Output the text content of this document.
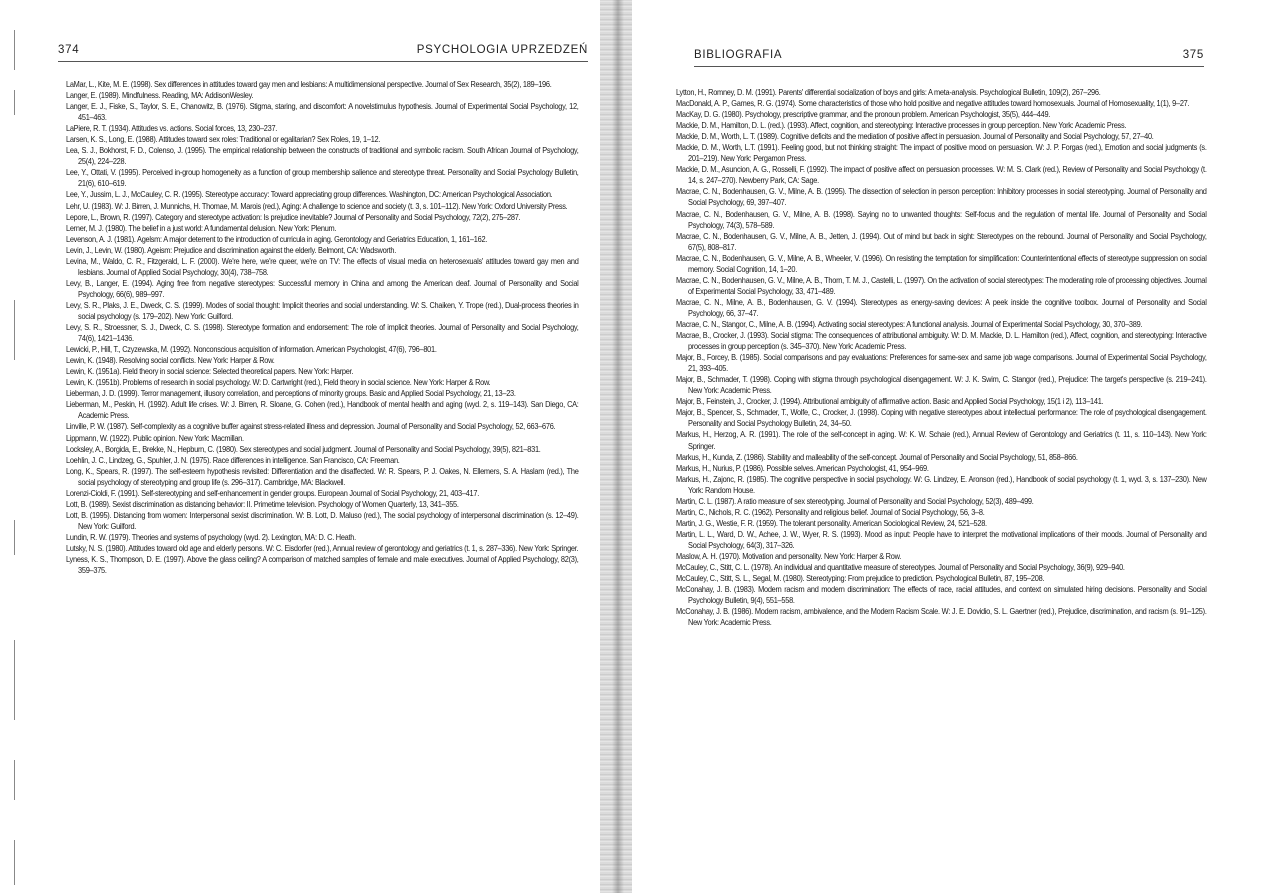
374	PSYCHOLOGIA UPRZEDZEŃ
LaMar, L., Kite, M. E. (1998). Sex differences in attitudes toward gay men and lesbians: A multidimensional perspective. Journal of Sex Research, 35(2), 189–196.
Langer, E. (1989). Mindfulness. Reading, MA: AddisonWesley.
Langer, E. J., Fiske, S., Taylor, S. E., Chanowitz, B. (1976). Stigma, staring, and discomfort: A novelstimulus hypothesis. Journal of Experimental Social Psychology, 12, 451–463.
LaPiere, R. T. (1934). Attitudes vs. actions. Social forces, 13, 230–237.
Larsen, K. S., Long, E. (1988). Attitudes toward sex roles: Traditional or egalitarian? Sex Roles, 19, 1–12.
Lea, S. J., Bokhorst, F. D., Colenso, J. (1995). The empirical relationship between the constructs of traditional and symbolic racism. South African Journal of Psychology, 25(4), 224–228.
Lee, Y., Ottati, V. (1995). Perceived in-group homogeneity as a function of group membership salience and stereotype threat. Personality and Social Psychology Bulletin, 21(6), 610–619.
Lee, Y., Jussim, L. J., McCauley, C. R. (1995). Stereotype accuracy: Toward appreciating group differences. Washington, DC: American Psychological Association.
Lehr, U. (1983). W: J. Birren, J. Munnichs, H. Thomae, M. Marois (red.), Aging: A challenge to science and society (t. 3, s. 101–112). New York: Oxford University Press.
Lepore, L., Brown, R. (1997). Category and stereotype activation: Is prejudice inevitable? Journal of Personality and Social Psychology, 72(2), 275–287.
Lerner, M. J. (1980). The belief in a just world: A fundamental delusion. New York: Plenum.
Levenson, A. J. (1981). Agelsm: A major deterrent to the introduction of curricula in aging. Gerontology and Geriatrics Education, 1, 161–162.
Levin, J., Levin, W. (1980). Ageism: Prejudice and discrimination against the elderly. Belmont, CA: Wadsworth.
Levina, M., Waldo, C. R., Fitzgerald, L. F. (2000). We're here, we're queer, we're on TV: The effects of visual media on heterosexuals' attitudes toward gay men and lesbians. Journal of Applied Social Psychology, 30(4), 738–758.
Levy, B., Langer, E. (1994). Aging free from negative stereotypes: Successful memory in China and among the American deaf. Journal of Personality and Social Psychology, 66(6), 989–997.
Levy, S. R., Plaks, J. E., Dweck, C. S. (1999). Modes of social thought: Implicit theories and social understanding. W: S. Chaiken, Y. Trope (red.), Dual-process theories in social psychology (s. 179–202). New York: Guilford.
Levy, S. R., Stroessner, S. J., Dweck, C. S. (1998). Stereotype formation and endorsement: The role of implicit theories. Journal of Personality and Social Psychology, 74(6), 1421–1436.
Lewicki, P., Hill, T., Czyzewska, M. (1992). Nonconscious acquisition of information. American Psychologist, 47(6), 796–801.
Lewin, K. (1948). Resolving social conflicts. New York: Harper & Row.
Lewin, K. (1951a). Field theory in social science: Selected theoretical papers. New York: Harper.
Lewin, K. (1951b). Problems of research in social psychology. W: D. Cartwright (red.), Field theory in social science. New York: Harper & Row.
Lieberman, J. D. (1999). Terror management, illusory correlation, and perceptions of minority groups. Basic and Applied Social Psychology, 21, 13–23.
Lieberman, M., Peskin, H. (1992). Adult life crises. W: J. Birren, R. Sloane, G. Cohen (red.), Handbook of mental health and aging (wyd. 2, s. 119–143). San Diego, CA: Academic Press.
Linville, P. W. (1987). Self-complexity as a cognitive buffer against stress-related illness and depression. Journal of Personality and Social Psychology, 52, 663–676.
Lippmann, W. (1922). Public opinion. New York: Macmillan.
Locksley, A., Borgida, E., Brekke, N., Hepburn, C. (1980). Sex stereotypes and social judgment. Journal of Personality and Social Psychology, 39(5), 821–831.
Loehlin, J. C., Lindzeg, G., Spuhler, J. N. (1975). Race differences in intelligence. San Francisco, CA: Freeman.
Long, K., Spears, R. (1997). The self-esteem hypothesis revisited: Differentiation and the disaffected. W: R. Spears, P. J. Oakes, N. Ellemers, S. A. Haslam (red.), The social psychology of stereotyping and group life (s. 296–317). Cambridge, MA: Blackwell.
Lorenzi-Cioldi, F. (1991). Self-stereotyping and self-enhancement in gender groups. European Journal of Social Psychology, 21, 403–417.
Lott, B. (1989). Sexist discrimination as distancing behavior: II. Primetime television. Psychology of Women Quarterly, 13, 341–355.
Lott, B. (1995). Distancing from women: Interpersonal sexist discrimination. W: B. Lott, D. Maluso (red.), The social psychology of interpersonal discrimination (s. 12–49). New York: Guilford.
Lundin, R. W. (1979). Theories and systems of psychology (wyd. 2). Lexington, MA: D. C. Heath.
Lutsky, N. S. (1980). Attitudes toward old age and elderly persons. W: C. Eisdorfer (red.), Annual review of gerontology and geriatrics (t. 1, s. 287–336). New York: Springer.
Lyness, K. S., Thompson, D. E. (1997). Above the glass ceiling? A comparison of matched samples of female and male executives. Journal of Applied Psychology, 82(3), 359–375.
BIBLIOGRAFIA	375
Lytton, H., Romney, D. M. (1991). Parents' differential socialization of boys and girls: A meta-analysis. Psychological Bulletin, 109(2), 267–296.
MacDonald, A. P., Games, R. G. (1974). Some characteristics of those who hold positive and negative attitudes toward homosexuals. Journal of Homosexuality, 1(1), 9–27.
MacKay, D. G. (1980). Psychology, prescriptive grammar, and the pronoun problem. American Psychologist, 35(5), 444–449.
Mackie, D. M., Hamilton, D. L. (red.). (1993). Affect, cognition, and stereotyping: Interactive processes in group perception. New York: Academic Press.
Mackie, D. M., Worth, L. T. (1989). Cognitive deficits and the mediation of positive affect in persuasion. Journal of Personality and Social Psychology, 57, 27–40.
Mackie, D. M., Worth, L.T. (1991). Feeling good, but not thinking straight: The impact of positive mood on persuasion. W: J. P. Forgas (red.), Emotion and social judgments (s. 201–219). New York: Pergamon Press.
Mackie, D. M., Asuncion, A. G., Rosselli, F. (1992). The impact of positive affect on persuasion processes. W: M. S. Clark (red.), Review of Personality and Social Psychology (t. 14, s. 247–270). Newberry Park, CA: Sage.
Macrae, C. N., Bodenhausen, G. V., Milne, A. B. (1995). The dissection of selection in person perception: Inhibitory processes in social stereotyping. Journal of Personality and Social Psychology, 69, 397–407.
Macrae, C. N., Bodenhausen, G. V., Milne, A. B. (1998). Saying no to unwanted thoughts: Self-focus and the regulation of mental life. Journal of Personality and Social Psychology, 74(3), 578–589.
Macrae, C. N., Bodenhausen, G. V., Milne, A. B., Jetten, J. (1994). Out of mind but back in sight: Stereotypes on the rebound. Journal of Personality and Social Psychology, 67(5), 808–817.
Macrae, C. N., Bodenhausen, G. V., Milne, A. B., Wheeler, V. (1996). On resisting the temptation for simplification: Counterintentional effects of stereotype suppression on social memory. Social Cognition, 14, 1–20.
Macrae, C. N., Bodenhausen, G. V., Milne, A. B., Thorn, T. M. J., Castelli, L. (1997). On the activation of social stereotypes: The moderating role of processing objectives. Journal of Experimental Social Psychology, 33, 471–489.
Macrae, C. N., Milne, A. B., Bodenhausen, G. V. (1994). Stereotypes as energy-saving devices: A peek inside the cognitive toolbox. Journal of Personality and Social Psychology, 66, 37–47.
Macrae, C. N., Stangor, C., Milne, A. B. (1994). Activating social stereotypes: A functional analysis. Journal of Experimental Social Psychology, 30, 370–389.
Macrae, B., Crocker, J. (1993). Social stigma: The consequences of attributional ambiguity. W: D. M. Mackie, D. L. Hamilton (red.), Affect, cognition, and stereotyping: Interactive processes in group perception (s. 345–370). New York: Academic Press.
Major, B., Forcey, B. (1985). Social comparisons and pay evaluations: Preferences for same-sex and same job wage comparisons. Journal of Experimental Social Psychology, 21, 393–405.
Major, B., Schmader, T. (1998). Coping with stigma through psychological disengagement. W: J. K. Swim, C. Stangor (red.), Prejudice: The target's perspective (s. 219–241). New York: Academic Press.
Major, B., Feinstein, J., Crocker, J. (1994). Attributional ambiguity of affirmative action. Basic and Applied Social Psychology, 15(1 i 2), 113–141.
Major, B., Spencer, S., Schmader, T., Wolfe, C., Crocker, J. (1998). Coping with negative stereotypes about intellectual performance: The role of psychological disengagement. Personality and Social Psychology Bulletin, 24, 34–50.
Markus, H., Herzog, A. R. (1991). The role of the self-concept in aging. W: K. W. Schaie (red.), Annual Review of Gerontology and Geriatrics (t. 11, s. 110–143). New York: Springer.
Markus, H., Kunda, Z. (1986). Stability and malleability of the self-concept. Journal of Personality and Social Psychology, 51, 858–866.
Markus, H., Nurius, P. (1986). Possible selves. American Psychologist, 41, 954–969.
Markus, H., Zajonc, R. (1985). The cognitive perspective in social psychology. W: G. Lindzey, E. Aronson (red.), Handbook of social psychology (t. 1, wyd. 3, s. 137–230). New York: Random House.
Martin, C. L. (1987). A ratio measure of sex stereotyping. Journal of Personality and Social Psychology, 52(3), 489–499.
Martin, C., Nichols, R. C. (1962). Personality and religious belief. Journal of Social Psychology, 56, 3–8.
Martin, J. G., Westie, F. R. (1959). The tolerant personality. American Sociological Review, 24, 521–528.
Martin, L. L., Ward, D. W., Achee, J. W., Wyer, R. S. (1993). Mood as input: People have to interpret the motivational implications of their moods. Journal of Personality and Social Psychology, 64(3), 317–326.
Maslow, A. H. (1970). Motivation and personality. New York: Harper & Row.
McCauley, C., Stitt, C. L. (1978). An individual and quantitative measure of stereotypes. Journal of Personality and Social Psychology, 36(9), 929–940.
McCauley, C., Stitt, S. L., Segal, M. (1980). Stereotyping: From prejudice to prediction. Psychological Bulletin, 87, 195–208.
McConahay, J. B. (1983). Modern racism and modern discrimination: The effects of race, racial attitudes, and context on simulated hiring decisions. Personality and Social Psychology Bulletin, 9(4), 551–558.
McConahay, J. B. (1986). Modern racism, ambivalence, and the Modern Racism Scale. W: J. E. Dovidio, S. L. Gaertner (red.), Prejudice, discrimination, and racism (s. 91–125). New York: Academic Press.
